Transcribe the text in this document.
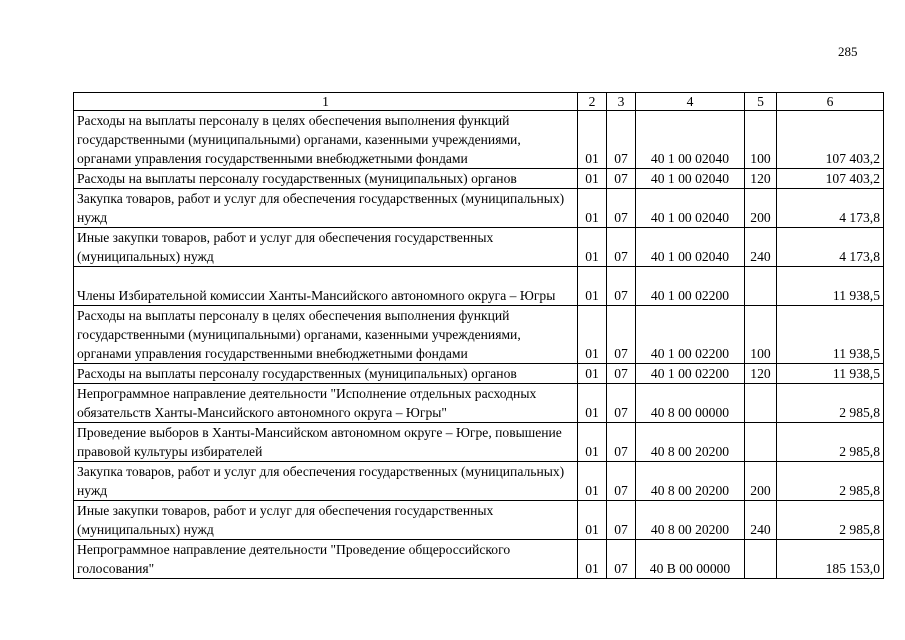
285
1	2	3	4	5	6
Расходы на выплаты персоналу в целях обеспечения выполнения функций государственными (муниципальными) органами, казенными учреждениями, органами управления государственными внебюджетными фондами	01	07	40 1 00 02040	100	107 403,2
Расходы на выплаты персоналу государственных (муниципальных) органов	01	07	40 1 00 02040	120	107 403,2
Закупка товаров, работ и услуг для обеспечения государственных (муниципальных) нужд	01	07	40 1 00 02040	200	4 173,8
Иные закупки товаров, работ и услуг для обеспечения государственных (муниципальных) нужд	01	07	40 1 00 02040	240	4 173,8
Члены Избирательной комиссии Ханты-Мансийского автономного округа – Югры	01	07	40 1 00 02200		11 938,5
Расходы на выплаты персоналу в целях обеспечения выполнения функций государственными (муниципальными) органами, казенными учреждениями, органами управления государственными внебюджетными фондами	01	07	40 1 00 02200	100	11 938,5
Расходы на выплаты персоналу государственных (муниципальных) органов	01	07	40 1 00 02200	120	11 938,5
Непрограммное направление деятельности "Исполнение отдельных расходных обязательств Ханты-Мансийского автономного округа – Югры"	01	07	40 8 00 00000		2 985,8
Проведение выборов в Ханты-Мансийском автономном округе – Югре, повышение правовой культуры избирателей	01	07	40 8 00 20200		2 985,8
Закупка товаров, работ и услуг для обеспечения государственных (муниципальных) нужд	01	07	40 8 00 20200	200	2 985,8
Иные закупки товаров, работ и услуг для обеспечения государственных (муниципальных) нужд	01	07	40 8 00 20200	240	2 985,8
Непрограммное направление деятельности "Проведение общероссийского голосования"	01	07	40 В 00 00000		185 153,0
